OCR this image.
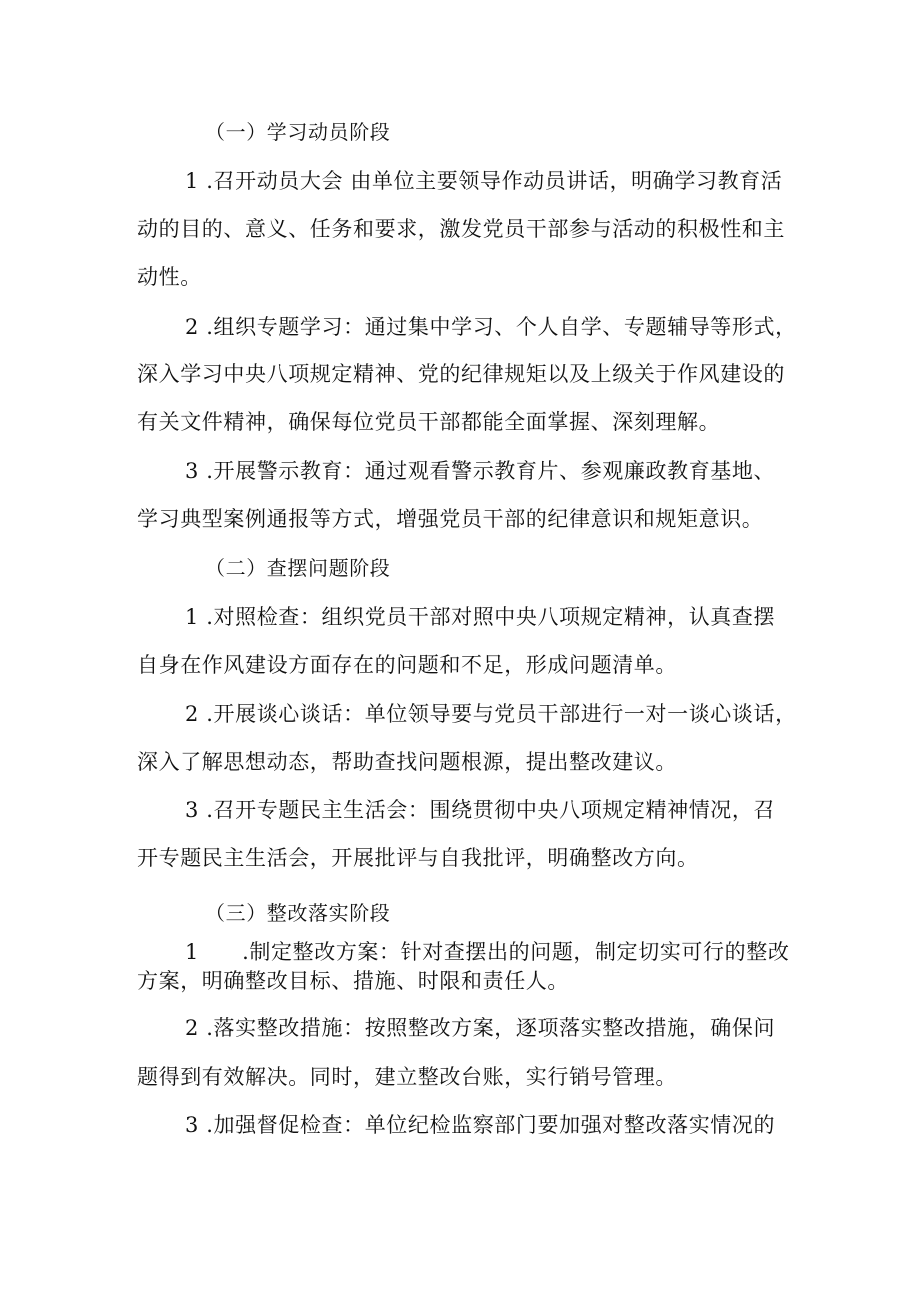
（一）学习动员阶段
1 .召开动员大会 由单位主要领导作动员讲话，明确学习教育活
动的目的、意义、任务和要求，激发党员干部参与活动的积极性和主
动性。
2 .组织专题学习：通过集中学习、个人自学、专题辅导等形式，
深入学习中央八项规定精神、党的纪律规矩以及上级关于作风建设的
有关文件精神，确保每位党员干部都能全面掌握、深刻理解。
3 .开展警示教育：通过观看警示教育片、参观廉政教育基地、
学习典型案例通报等方式，增强党员干部的纪律意识和规矩意识。
（二）查摆问题阶段
1 .对照检查：组织党员干部对照中央八项规定精神，认真查摆
自身在作风建设方面存在的问题和不足，形成问题清单。
2 .开展谈心谈话：单位领导要与党员干部进行一对一谈心谈话，
深入了解思想动态，帮助查找问题根源，提出整改建议。
3 .召开专题民主生活会：围绕贯彻中央八项规定精神情况，召
开专题民主生活会，开展批评与自我批评，明确整改方向。
（三）整改落实阶段
1　　.制定整改方案：针对查摆出的问题，制定切实可行的整改
方案，明确整改目标、措施、时限和责任人。
2 .落实整改措施：按照整改方案，逐项落实整改措施，确保问
题得到有效解决。同时，建立整改台账，实行销号管理。
3 .加强督促检查：单位纪检监察部门要加强对整改落实情况的
